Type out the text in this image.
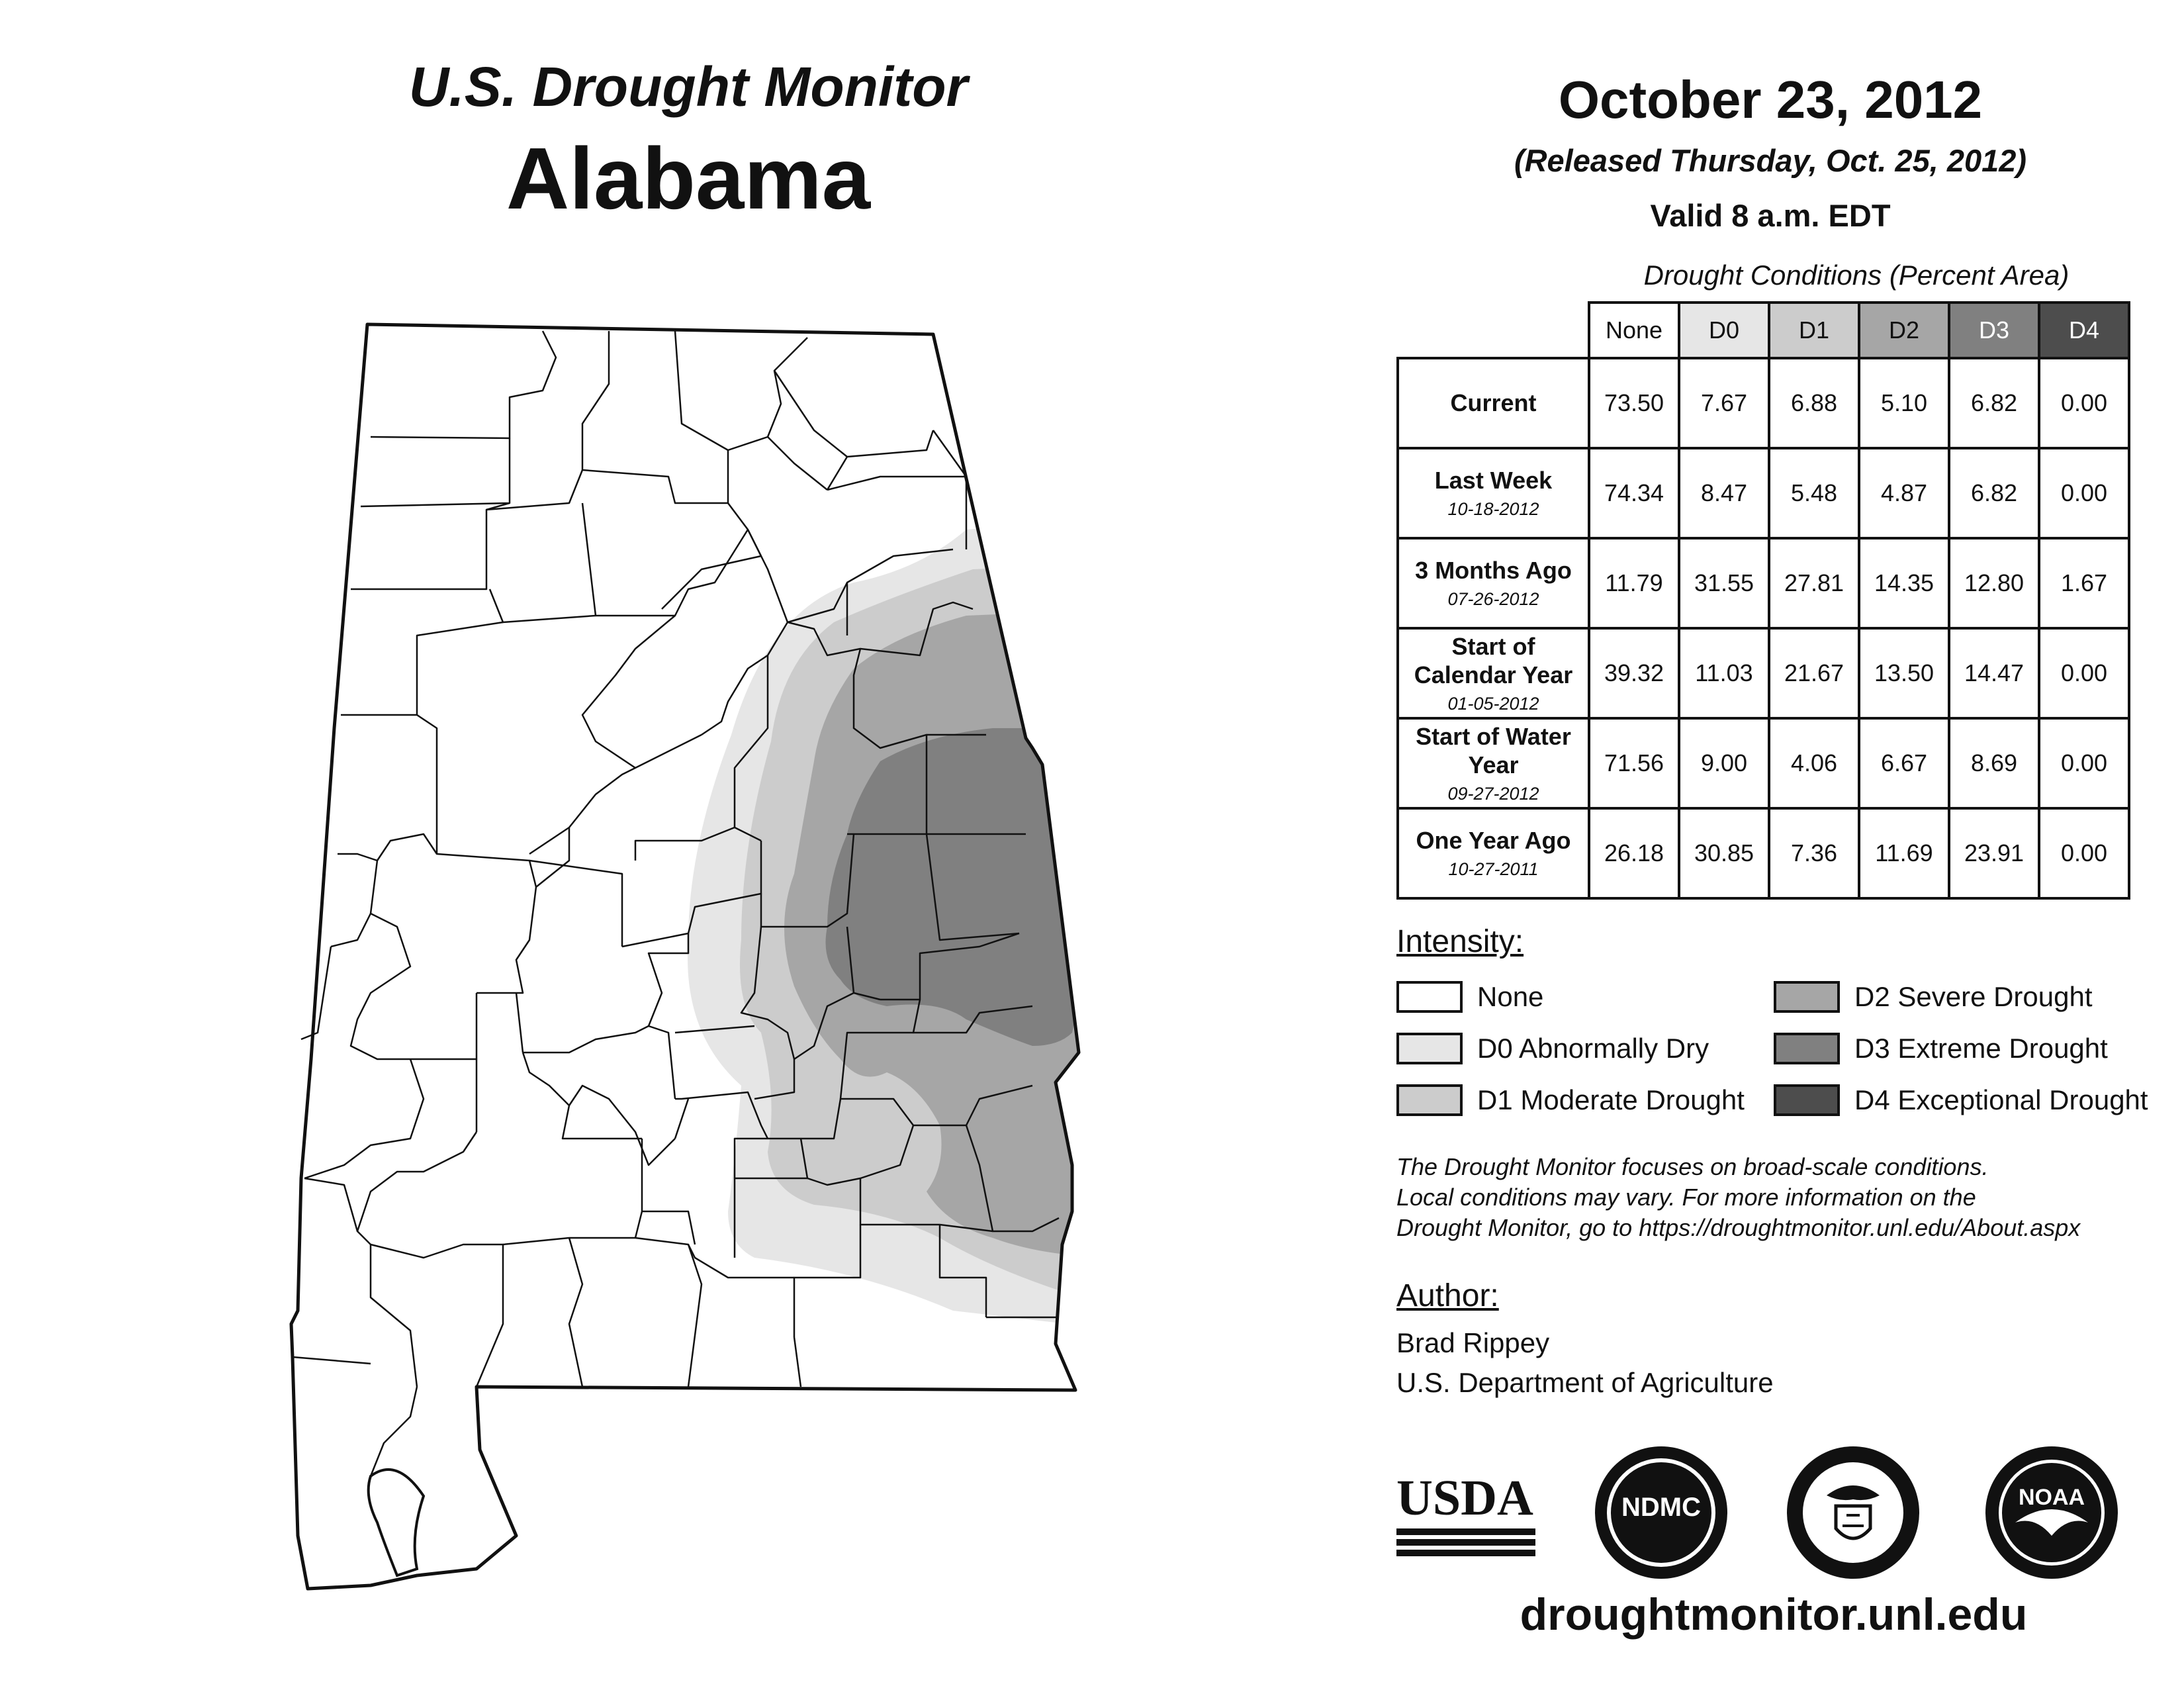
U.S. Drought Monitor
Alabama
October 23, 2012
(Released Thursday, Oct. 25, 2012)
Valid 8 a.m. EDT
Drought Conditions (Percent Area)
	None	D0	D1	D2	D3	D4
Current	73.50	7.67	6.88	5.10	6.82	0.00
Last Week
10-18-2012	74.34	8.47	5.48	4.87	6.82	0.00
3 Months Ago
07-26-2012	11.79	31.55	27.81	14.35	12.80	1.67
Start of Calendar Year
01-05-2012	39.32	11.03	21.67	13.50	14.47	0.00
Start of Water Year
09-27-2012	71.56	9.00	4.06	6.67	8.69	0.00
One Year Ago
10-27-2011	26.18	30.85	7.36	11.69	23.91	0.00
Intensity:
None
D0 Abnormally Dry
D1 Moderate Drought
D2 Severe Drought
D3 Extreme Drought
D4 Exceptional Drought
The Drought Monitor focuses on broad-scale conditions.
Local conditions may vary. For more information on the
Drought Monitor, go to https://droughtmonitor.unl.edu/About.aspx
Author:
Brad Rippey
U.S. Department of Agriculture
USDA	NDMC	NOAA
droughtmonitor.unl.edu
